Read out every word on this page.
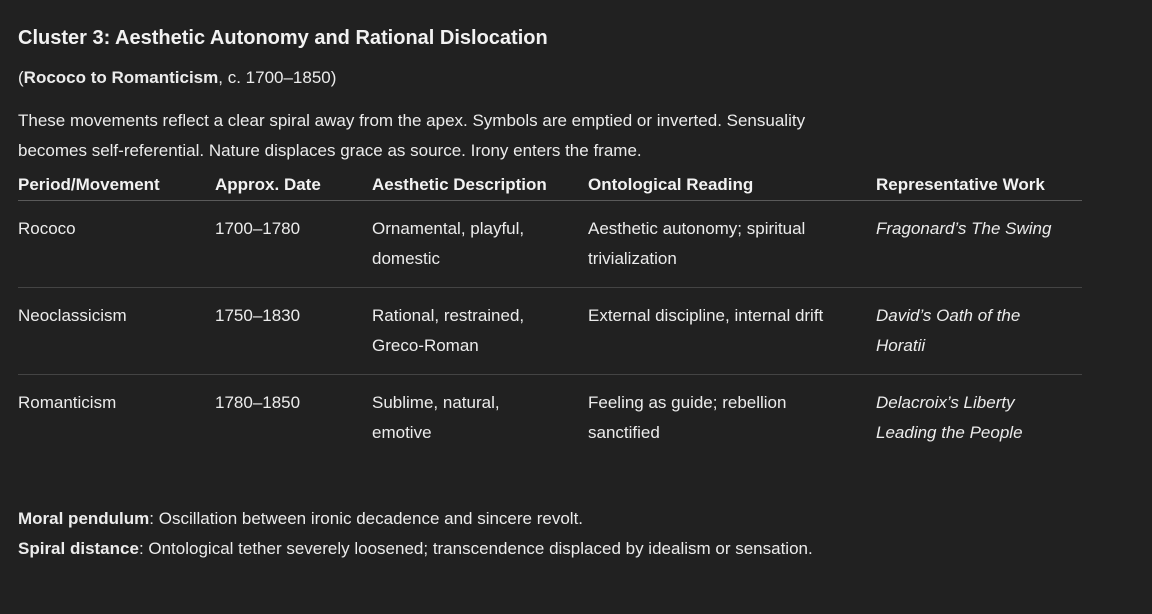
Cluster 3: Aesthetic Autonomy and Rational Dislocation
(Rococo to Romanticism, c. 1700–1850)
These movements reflect a clear spiral away from the apex. Symbols are emptied or inverted. Sensuality becomes self-referential. Nature displaces grace as source. Irony enters the frame.
Period/Movement	Approx. Date	Aesthetic Description	Ontological Reading	Representative Work
Rococo	1700–1780	Ornamental, playful, domestic	Aesthetic autonomy; spiritual trivialization	Fragonard’s The Swing
Neoclassicism	1750–1830	Rational, restrained, Greco-Roman	External discipline, internal drift	David’s Oath of the Horatii
Romanticism	1780–1850	Sublime, natural, emotive	Feeling as guide; rebellion sanctified	Delacroix’s Liberty Leading the People
Moral pendulum: Oscillation between ironic decadence and sincere revolt.
Spiral distance: Ontological tether severely loosened; transcendence displaced by idealism or sensation.
